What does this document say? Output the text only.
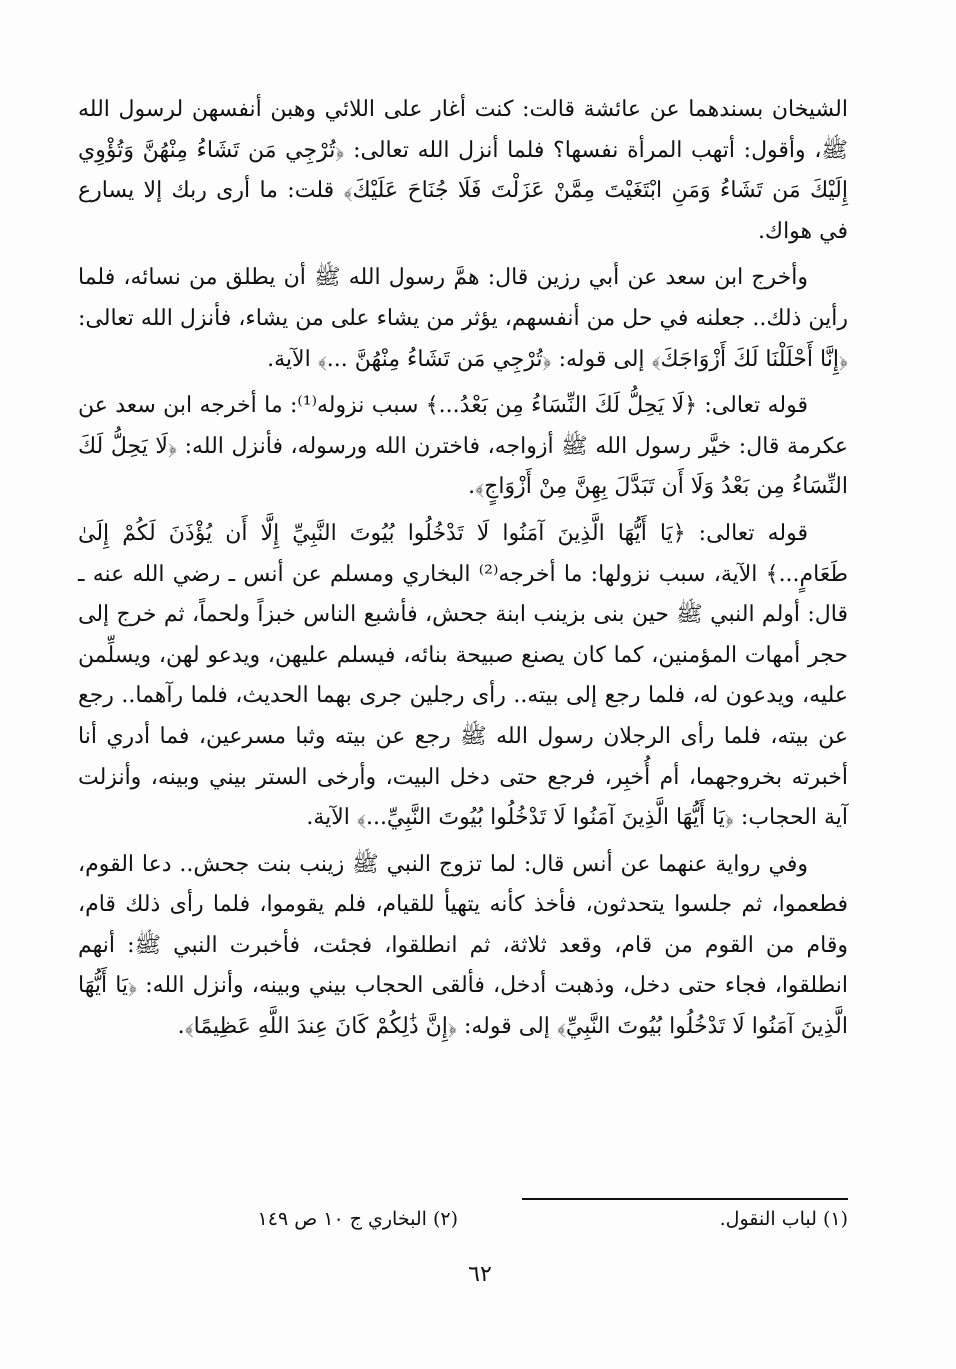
الشيخان بسندهما عن عائشة قالت: كنت أغار على اللائي وهبن أنفسهن لرسول الله ﷺ، وأقول: أتهب المرأة نفسها؟ فلما أنزل الله تعالى: ﴿تُرْجِي مَن تَشَاءُ مِنْهُنَّ وَتُؤْوِي إِلَيْكَ مَن تَشَاءُ وَمَنِ ابْتَغَيْتَ مِمَّنْ عَزَلْتَ فَلَا جُنَاحَ عَلَيْكَ﴾ قلت: ما أرى ربك إلا يسارع في هواك.

وأخرج ابن سعد عن أبي رزين قال: همَّ رسول الله ﷺ أن يطلق من نسائه، فلما رأين ذلك.. جعلنه في حل من أنفسهم، يؤثر من يشاء على من يشاء، فأنزل الله تعالى: ﴿إِنَّا أَحْلَلْنَا لَكَ أَزْوَاجَكَ﴾ إلى قوله: ﴿تُرْجِي مَن تَشَاءُ مِنْهُنَّ ...﴾ الآية.

قوله تعالى: ﴿لَا يَحِلُّ لَكَ النِّسَاءُ مِن بَعْدُ...﴾ سبب نزوله⁽¹⁾: ما أخرجه ابن سعد عن عكرمة قال: خيَّر رسول الله ﷺ أزواجه، فاخترن الله ورسوله، فأنزل الله: ﴿لَا يَحِلُّ لَكَ النِّسَاءُ مِن بَعْدُ وَلَا أَن تَبَدَّلَ بِهِنَّ مِنْ أَزْوَاجٍ﴾.

قوله تعالى: ﴿يَا أَيُّهَا الَّذِينَ آمَنُوا لَا تَدْخُلُوا بُيُوتَ النَّبِيِّ إِلَّا أَن يُؤْذَنَ لَكُمْ إِلَىٰ طَعَامٍ...﴾ الآية، سبب نزولها: ما أخرجه⁽²⁾ البخاري ومسلم عن أنس ـ رضي الله عنه ـ قال: أولم النبي ﷺ حين بنى بزينب ابنة جحش، فأشبع الناس خبزاً ولحماً، ثم خرج إلى حجر أمهات المؤمنين، كما كان يصنع صبيحة بنائه، فيسلم عليهن، ويدعو لهن، ويسلِّمن عليه، ويدعون له، فلما رجع إلى بيته.. رأى رجلين جرى بهما الحديث، فلما رآهما.. رجع عن بيته، فلما رأى الرجلان رسول الله ﷺ رجع عن بيته وثبا مسرعين، فما أدري أنا أخبرته بخروجهما، أم أُخبِر، فرجع حتى دخل البيت، وأرخى الستر بيني وبينه، وأنزلت آية الحجاب: ﴿يَا أَيُّهَا الَّذِينَ آمَنُوا لَا تَدْخُلُوا بُيُوتَ النَّبِيِّ...﴾ الآية.

وفي رواية عنهما عن أنس قال: لما تزوج النبي ﷺ زينب بنت جحش.. دعا القوم، فطعموا، ثم جلسوا يتحدثون، فأخذ كأنه يتهيأ للقيام، فلم يقوموا، فلما رأى ذلك قام، وقام من القوم من قام، وقعد ثلاثة، ثم انطلقوا، فجئت، فأخبرت النبي ﷺ: أنهم انطلقوا، فجاء حتى دخل، وذهبت أدخل، فألقى الحجاب بيني وبينه، وأنزل الله: ﴿يَا أَيُّهَا الَّذِينَ آمَنُوا لَا تَدْخُلُوا بُيُوتَ النَّبِيِّ﴾ إلى قوله: ﴿إِنَّ ذَٰلِكُمْ كَانَ عِندَ اللَّهِ عَظِيمًا﴾.

(١) لباب النقول.
(٢) البخاري ج ١٠ ص ١٤٩
٦٢
